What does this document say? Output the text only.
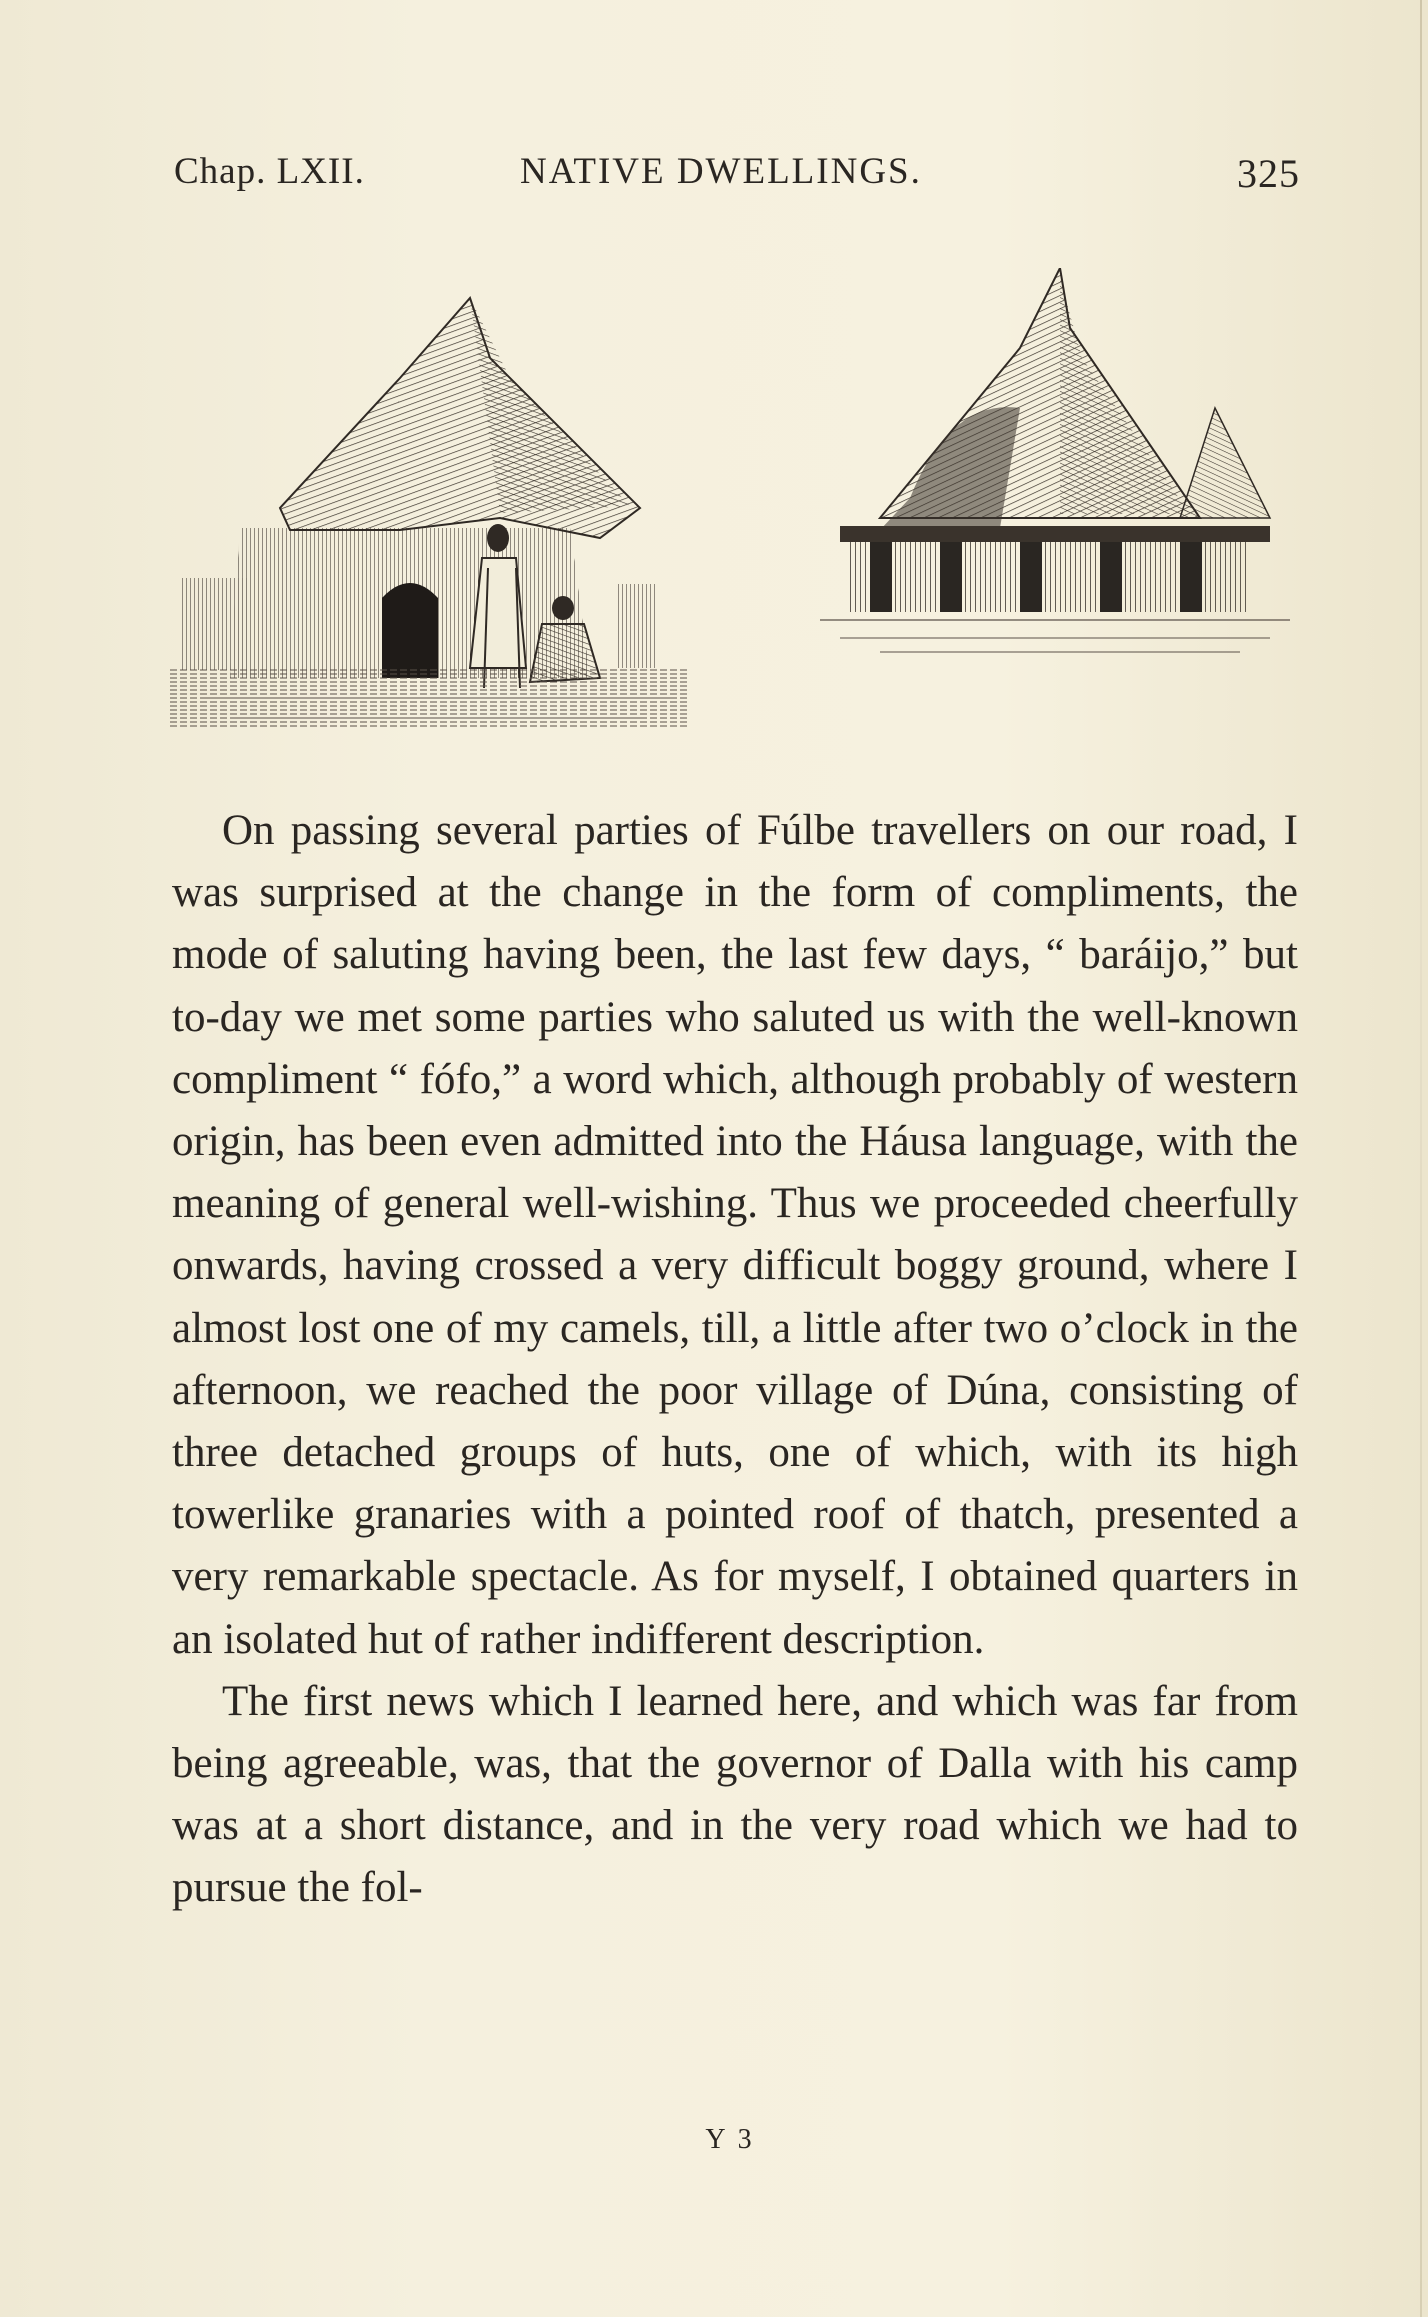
Chap. LXII.	NATIVE DWELLINGS.	325

On passing several parties of Fúlbe travellers on our road, I was surprised at the change in the form of compliments, the mode of saluting having been, the last few days, “ baráijo,” but to-day we met some parties who saluted us with the well-known compliment “ fófo,” a word which, although probably of western origin, has been even admitted into the Háusa language, with the meaning of general well-wishing. Thus we proceeded cheerfully onwards, having crossed a very difficult boggy ground, where I almost lost one of my camels, till, a little after two o’clock in the afternoon, we reached the poor village of Dúna, consisting of three detached groups of huts, one of which, with its high towerlike granaries with a pointed roof of thatch, presented a very remarkable spectacle. As for myself, I obtained quarters in an isolated hut of rather indifferent description.

The first news which I learned here, and which was far from being agreeable, was, that the governor of Dalla with his camp was at a short distance, and in the very road which we had to pursue the fol-

Y 3
